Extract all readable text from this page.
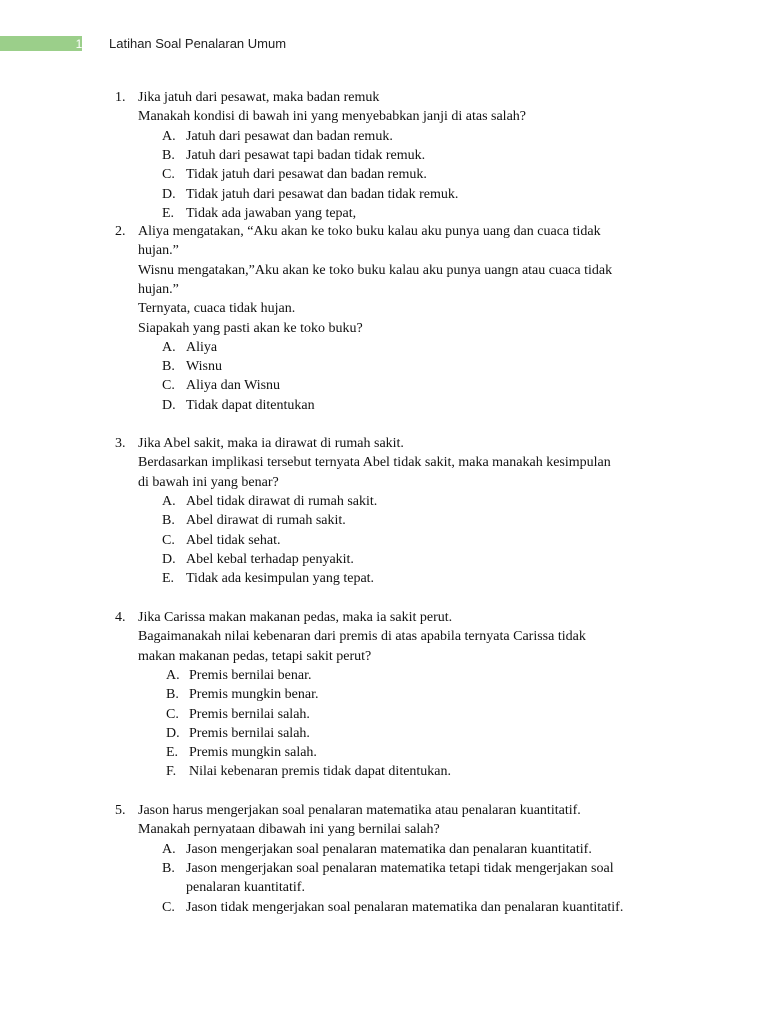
1 Latihan Soal Penalaran Umum
1. Jika jatuh dari pesawat, maka badan remuk
Manakah kondisi di bawah ini yang menyebabkan janji di atas salah?
A. Jatuh dari pesawat dan badan remuk.
B. Jatuh dari pesawat tapi badan tidak remuk.
C. Tidak jatuh dari pesawat dan badan remuk.
D. Tidak jatuh dari pesawat dan badan tidak remuk.
E. Tidak ada jawaban yang tepat,
2. Aliya mengatakan, “Aku akan ke toko buku kalau aku punya uang dan cuaca tidak
hujan.”
Wisnu mengatakan,”Aku akan ke toko buku kalau aku punya uangn atau cuaca tidak
hujan.”
Ternyata, cuaca tidak hujan.
Siapakah yang pasti akan ke toko buku?
A. Aliya
B. Wisnu
C. Aliya dan Wisnu
D. Tidak dapat ditentukan
3. Jika Abel sakit, maka ia dirawat di rumah sakit.
Berdasarkan implikasi tersebut ternyata Abel tidak sakit, maka manakah kesimpulan
di bawah ini yang benar?
A. Abel tidak dirawat di rumah sakit.
B. Abel dirawat di rumah sakit.
C. Abel tidak sehat.
D. Abel kebal terhadap penyakit.
E. Tidak ada kesimpulan yang tepat.
4. Jika Carissa makan makanan pedas, maka ia sakit perut.
Bagaimanakah nilai kebenaran dari premis di atas apabila ternyata Carissa tidak
makan makanan pedas, tetapi sakit perut?
A. Premis bernilai benar.
B. Premis mungkin benar.
C. Premis bernilai salah.
D. Premis bernilai salah.
E. Premis mungkin salah.
F. Nilai kebenaran premis tidak dapat ditentukan.
5. Jason harus mengerjakan soal penalaran matematika atau penalaran kuantitatif.
Manakah pernyataan dibawah ini yang bernilai salah?
A. Jason mengerjakan soal penalaran matematika dan penalaran kuantitatif.
B. Jason mengerjakan soal penalaran matematika tetapi tidak mengerjakan soal
penalaran kuantitatif.
C. Jason tidak mengerjakan soal penalaran matematika dan penalaran kuantitatif.
